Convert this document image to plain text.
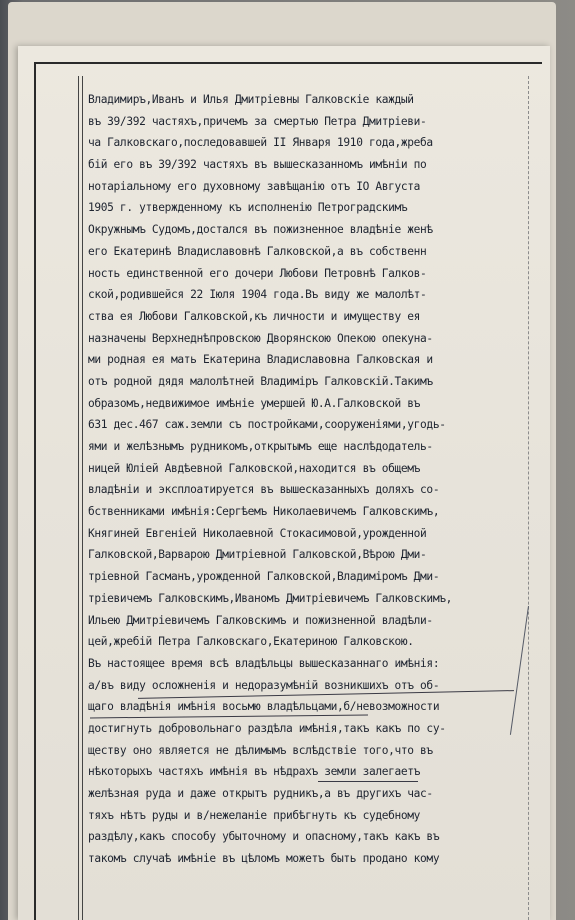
Владимиръ,Иванъ и Илья Дмитріевны Галковскіе каждый
въ 39/392 частяхъ,причемъ за смертью Петра Дмитріеви-
ча Галковскаго,последовавшей II Января 1910 года,жреба
бій его въ 39/392 частяхъ въ вышесказанномъ имѣніи по
нотаріальному его духовному завѣщанію отъ IO Августа
1905 г. утвержденному къ исполненію Петроградскимъ
Окружнымъ Судомъ,достался въ пожизненное владѣніе женѣ
его Екатеринѣ Владиславовнѣ Галковской,а въ собственн
ность единственной его дочери Любови Петровнѣ Галков-
ской,родившейся 22 Іюля 1904 года.Въ виду же малолѣт-
ства ея Любови Галковской,къ личности и имуществу ея
назначены Верхнеднѣпровскою Дворянскою Опекою опекуна-
ми родная ея мать Екатерина Владиславовна Галковская и
отъ родной дядя малолѣтней Владиміръ Галковскій.Такимъ
образомъ,недвижимое имѣніе умершей Ю.А.Галковской въ
631 дес.467 саж.земли съ постройками,сооруженіями,угодь-
ями и желѣзнымъ рудникомъ,открытымъ еще наслѣдодатель-
ницей Юліей Авдѣевной Галковской,находится въ общемъ
владѣніи и эксплоатируется въ вышесказанныхъ доляхъ со-
бственниками имѣнія:Сергѣемъ Николаевичемъ Галковскимъ,
Княгиней Евгеніей Николаевной Стокасимовой,урожденной
Галковской,Варварою Дмитріевной Галковской,Вѣрою Дми-
тріевной Гасманъ,урожденной Галковской,Владиміромъ Дми-
тріевичемъ Галковскимъ,Иваномъ Дмитріевичемъ Галковскимъ,
Ильею Дмитріевичемъ Галковскимъ и пожизненной владѣли-
цей,жребій Петра Галковскаго,Екатериною Галковскою.
Въ настоящее время всѣ владѣльцы вышесказаннаго имѣнія:
а/въ виду осложненія и недоразумѣній возникшихъ отъ об-
щаго владѣнія имѣнія восьмю владѣльцами,б/невозможности
достигнуть добровольнаго раздѣла имѣнія,такъ какъ по су-
ществу оно является не дѣлимымъ вслѣдствіе того,что въ
нѣкоторыхъ частяхъ имѣнія въ нѣдрахъ земли залегаетъ
желѣзная руда и даже открытъ рудникъ,а въ другихъ час-
тяхъ нѣтъ руды и в/нежеланіе прибѣгнуть къ судебному
раздѣлу,какъ способу убыточному и опасному,такъ какъ въ
такомъ случаѣ имѣніе въ цѣломъ можетъ быть продано кому
